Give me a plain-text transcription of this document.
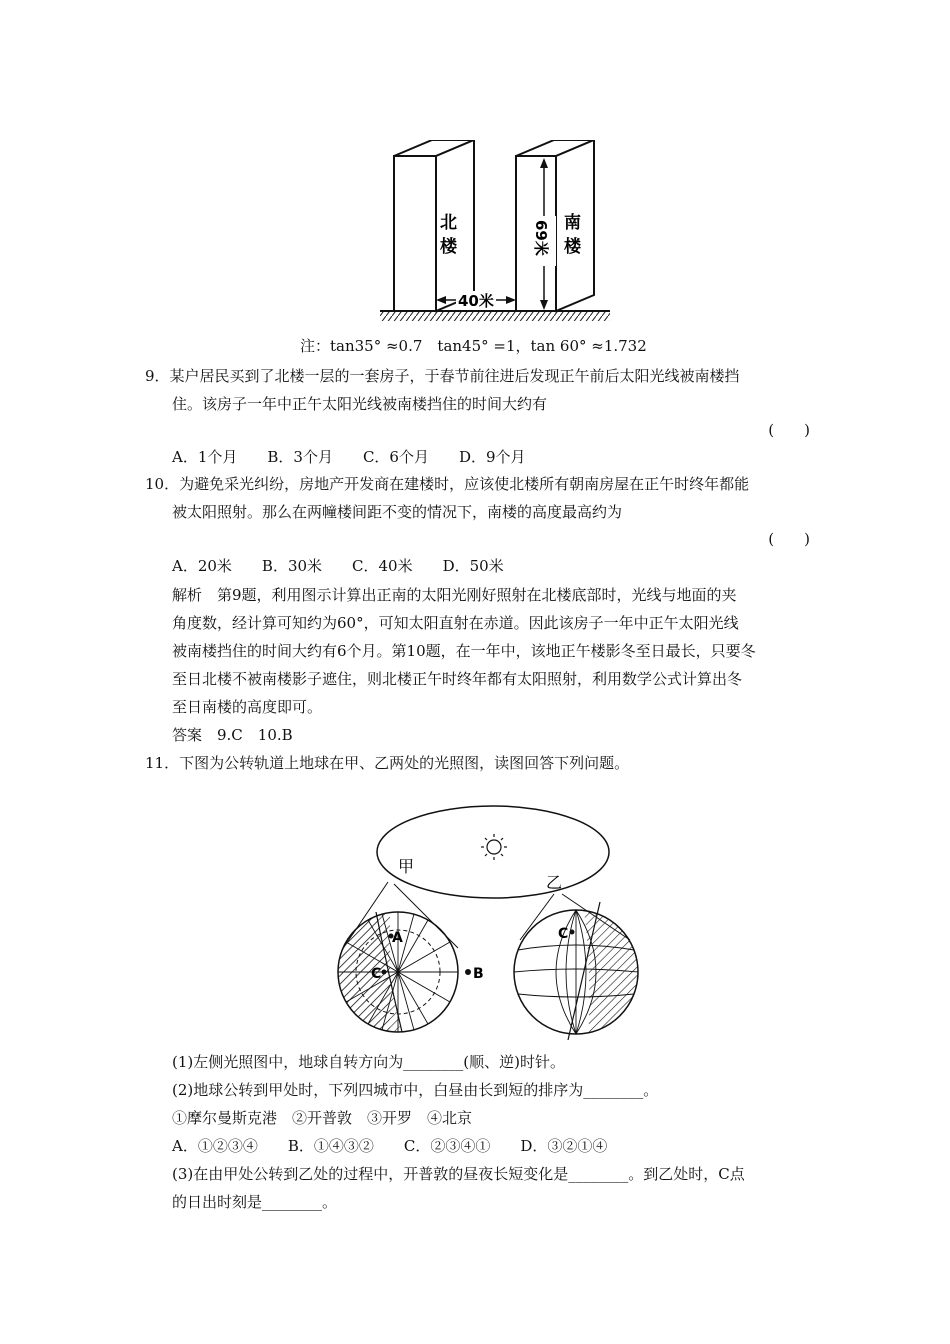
北
楼
南
楼
69米
40米
注：tan35° ≈0.7　tan45° =1，tan 60° ≈1.732
9．某户居民买到了北楼一层的一套房子，于春节前往进后发现正午前后太阳光线被南楼挡
住。该房子一年中正午太阳光线被南楼挡住的时间大约有
(　　)
A．1个月　　B．3个月　　C．6个月　　D．9个月
10．为避免采光纠纷，房地产开发商在建楼时，应该使北楼所有朝南房屋在正午时终年都能
被太阳照射。那么在两幢楼间距不变的情况下，南楼的高度最高约为
(　　)
A．20米　　B．30米　　C．40米　　D．50米
解析　第9题，利用图示计算出正南的太阳光刚好照射在北楼底部时，光线与地面的夹
角度数，经计算可知约为60°，可知太阳直射在赤道。因此该房子一年中正午太阳光线
被南楼挡住的时间大约有6个月。第10题，在一年中，该地正午楼影冬至日最长，只要冬
至日北楼不被南楼影子遮住，则北楼正午时终年都有太阳照射，利用数学公式计算出冬
至日南楼的高度即可。
答案　9.C　10.B
11．下图为公转轨道上地球在甲、乙两处的光照图，读图回答下列问题。
甲
乙
A
C	B
C
(1)左侧光照图中，地球自转方向为________(顺、逆)时针。
(2)地球公转到甲处时，下列四城市中，白昼由长到短的排序为________。
①摩尔曼斯克港　②开普敦　③开罗　④北京
A．①②③④　　B．①④③②　　C．②③④①　　D．③②①④
(3)在由甲处公转到乙处的过程中，开普敦的昼夜长短变化是________。到乙处时，C点
的日出时刻是________。
